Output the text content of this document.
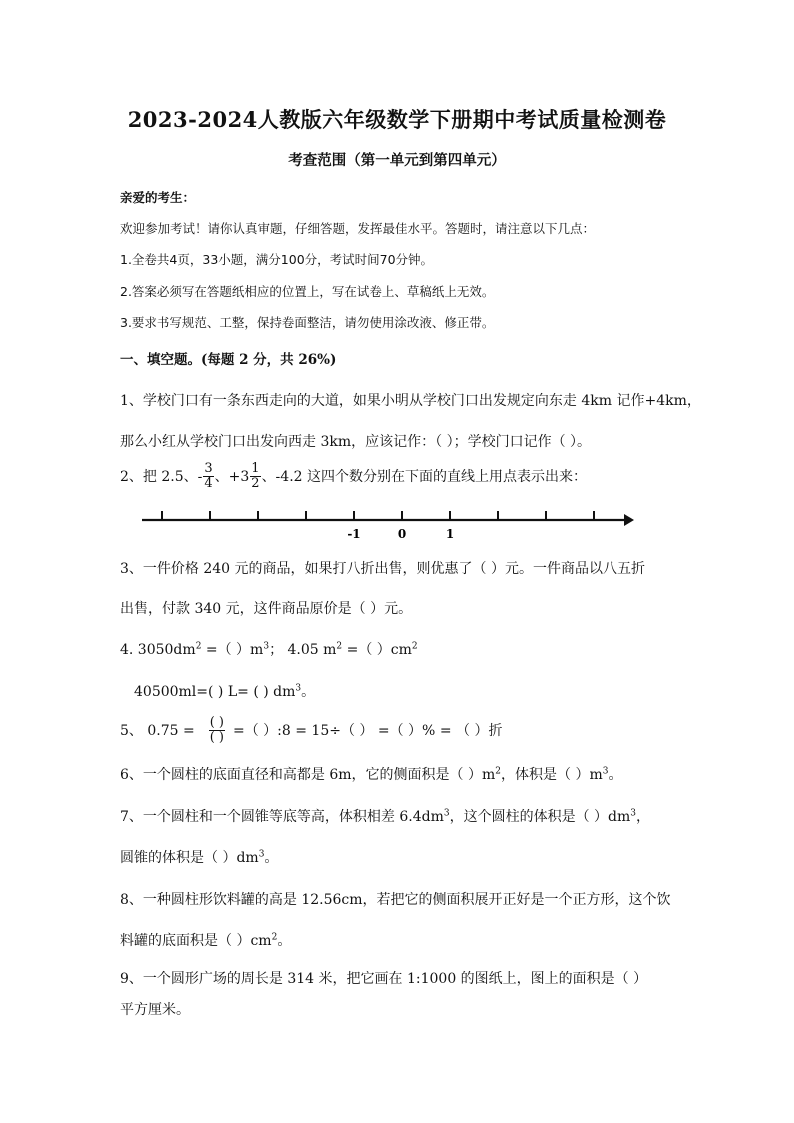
2023-2024人教版六年级数学下册期中考试质量检测卷
考查范围（第一单元到第四单元）
亲爱的考生：
欢迎参加考试！请你认真审题，仔细答题，发挥最佳水平。答题时，请注意以下几点：
1.全卷共4页，33小题，满分100分，考试时间70分钟。
2.答案必须写在答题纸相应的位置上，写在试卷上、草稿纸上无效。
3.要求书写规范、工整，保持卷面整洁，请勿使用涂改液、修正带。
一、填空题。(每题 2 分，共 26%)
1、学校门口有一条东西走向的大道，如果小明从学校门口出发规定向东走 4km 记作+4km，
那么小红从学校门口出发向西走 3km，应该记作：（ ）；学校门口记作（ ）。
2、把 2.5、- $\frac{3}{4}$ 、$+3 \frac{1}{2}$ 、-4.2 这四个数分别在下面的直线上用点表示出来：
-1	0	1
3、一件价格 240 元的商品，如果打八折出售，则优惠了（ ）元。一件商品以八五折
出售，付款 340 元，这件商品原价是（ ）元。
4. $3050dm^2$ =（ ）$m^3$； 4.05 $m^2$ =（ ）$cm^2$
40500ml=( ) L= ( ) $dm^3$。
5、 $0.75 = \frac{( )}{( )}$ =（ ）:8 = 15÷（ ） =（ ）% = （ ）折
6、一个圆柱的底面直径和高都是 6m，它的侧面积是（ ）$m^2$，体积是（ ）$m^3$。
7、一个圆柱和一个圆锥等底等高，体积相差 $6.4dm^3$，这个圆柱的体积是（ ）$dm^3$，
圆锥的体积是（ ）$dm^3$。
8、一种圆柱形饮料罐的高是 12.56cm，若把它的侧面积展开正好是一个正方形，这个饮
料罐的底面积是（ ）$cm^2$。
9、一个圆形广场的周长是 314 米，把它画在 1:1000 的图纸上，图上的面积是（ ）
平方厘米。
